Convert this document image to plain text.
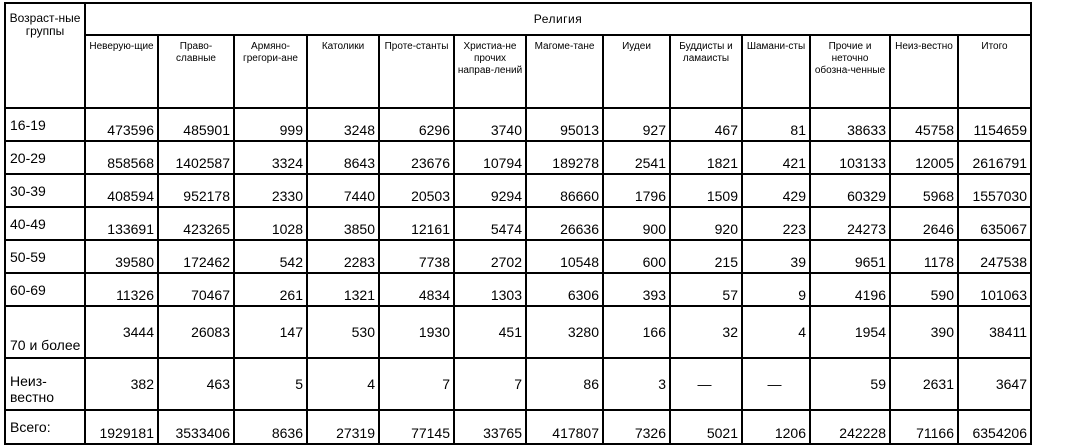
Возраст-ные группы	Религия												
	Неверую-щие	Право-славные	Армяно-грегори-ане	Католики	Проте-станты	Христиа-не прочих направ-лений	Магоме-тане	Иудеи	Буддисты и ламаисты	Шамани-сты	Прочие и неточно обозна-ченные	Неиз-вестно	Итого
16-19	473596	485901	999	3248	6296	3740	95013	927	467	81	38633	45758	1154659
20-29	858568	1402587	3324	8643	23676	10794	189278	2541	1821	421	103133	12005	2616791
30-39	408594	952178	2330	7440	20503	9294	86660	1796	1509	429	60329	5968	1557030
40-49	133691	423265	1028	3850	12161	5474	26636	900	920	223	24273	2646	635067
50-59	39580	172462	542	2283	7738	2702	10548	600	215	39	9651	1178	247538
60-69	11326	70467	261	1321	4834	1303	6306	393	57	9	4196	590	101063
70 и более	3444	26083	147	530	1930	451	3280	166	32	4	1954	390	38411
Неиз-вестно	382	463	5	4	7	7	86	3	—	—	59	2631	3647
Всего:	1929181	3533406	8636	27319	77145	33765	417807	7326	5021	1206	242228	71166	6354206
